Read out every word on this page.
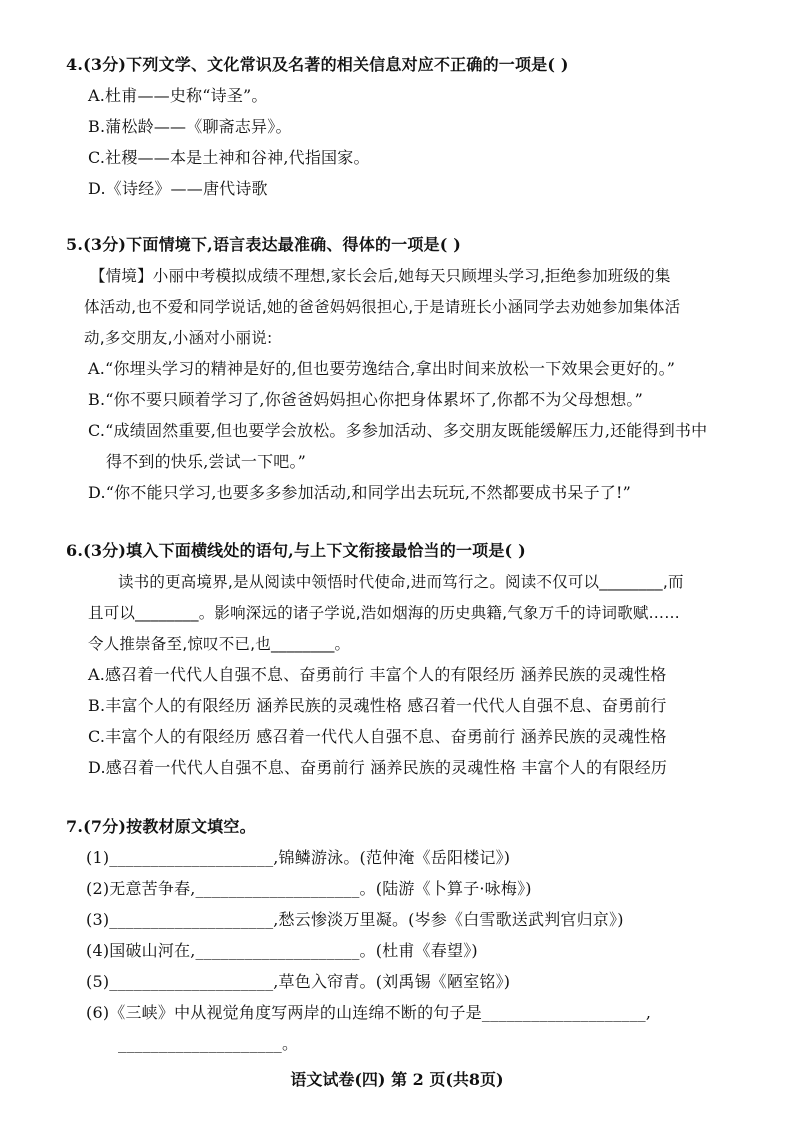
4.(3分)下列文学、文化常识及名著的相关信息对应不正确的一项是( )
A.杜甫——史称“诗圣”。
B.蒲松龄——《聊斋志异》。
C.社稷——本是土神和谷神,代指国家。
D.《诗经》——唐代诗歌
5.(3分)下面情境下,语言表达最准确、得体的一项是( )
【情境】小丽中考模拟成绩不理想,家长会后,她每天只顾埋头学习,拒绝参加班级的集
体活动,也不爱和同学说话,她的爸爸妈妈很担心,于是请班长小涵同学去劝她参加集体活
动,多交朋友,小涵对小丽说:
A.“你埋头学习的精神是好的,但也要劳逸结合,拿出时间来放松一下效果会更好的。”
B.“你不要只顾着学习了,你爸爸妈妈担心你把身体累坏了,你都不为父母想想。”
C.“成绩固然重要,但也要学会放松。多参加活动、多交朋友既能缓解压力,还能得到书中
得不到的快乐,尝试一下吧。”
D.“你不能只学习,也要多多参加活动,和同学出去玩玩,不然都要成书呆子了!”
6.(3分)填入下面横线处的语句,与上下文衔接最恰当的一项是( )
读书的更高境界,是从阅读中领悟时代使命,进而笃行之。阅读不仅可以________,而
且可以________。影响深远的诸子学说,浩如烟海的历史典籍,气象万千的诗词歌赋……
令人推崇备至,惊叹不已,也________。
A.感召着一代代人自强不息、奋勇前行 丰富个人的有限经历 涵养民族的灵魂性格
B.丰富个人的有限经历 涵养民族的灵魂性格 感召着一代代人自强不息、奋勇前行
C.丰富个人的有限经历 感召着一代代人自强不息、奋勇前行 涵养民族的灵魂性格
D.感召着一代代人自强不息、奋勇前行 涵养民族的灵魂性格 丰富个人的有限经历
7.(7分)按教材原文填空。
(1)____________________,锦鳞游泳。(范仲淹《岳阳楼记》)
(2)无意苦争春,____________________。(陆游《卜算子·咏梅》)
(3)____________________,愁云惨淡万里凝。(岑参《白雪歌送武判官归京》)
(4)国破山河在,____________________。(杜甫《春望》)
(5)____________________,草色入帘青。(刘禹锡《陋室铭》)
(6)《三峡》中从视觉角度写两岸的山连绵不断的句子是____________________,
____________________。
语文试卷(四) 第 2 页(共8页)
